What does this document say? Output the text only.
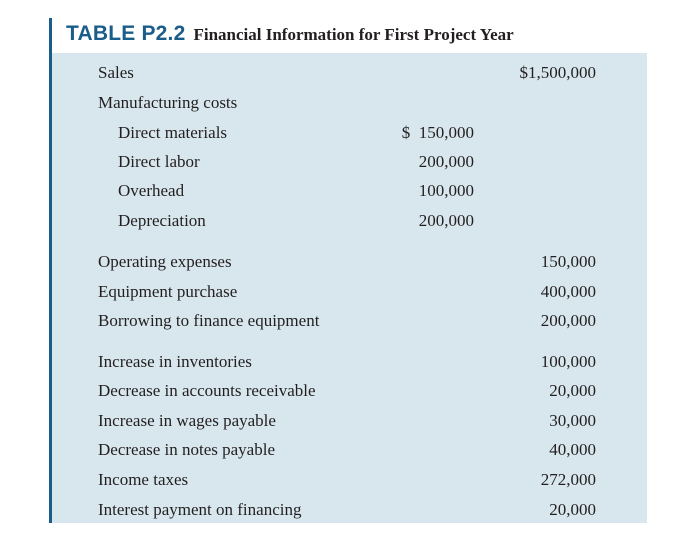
TABLE P2.2 Financial Information for First Project Year
Sales	$1,500,000
Manufacturing costs
Direct materials	$  150,000
Direct labor	200,000
Overhead	100,000
Depreciation	200,000
Operating expenses	150,000
Equipment purchase	400,000
Borrowing to finance equipment	200,000
Increase in inventories	100,000
Decrease in accounts receivable	20,000
Increase in wages payable	30,000
Decrease in notes payable	40,000
Income taxes	272,000
Interest payment on financing	20,000
